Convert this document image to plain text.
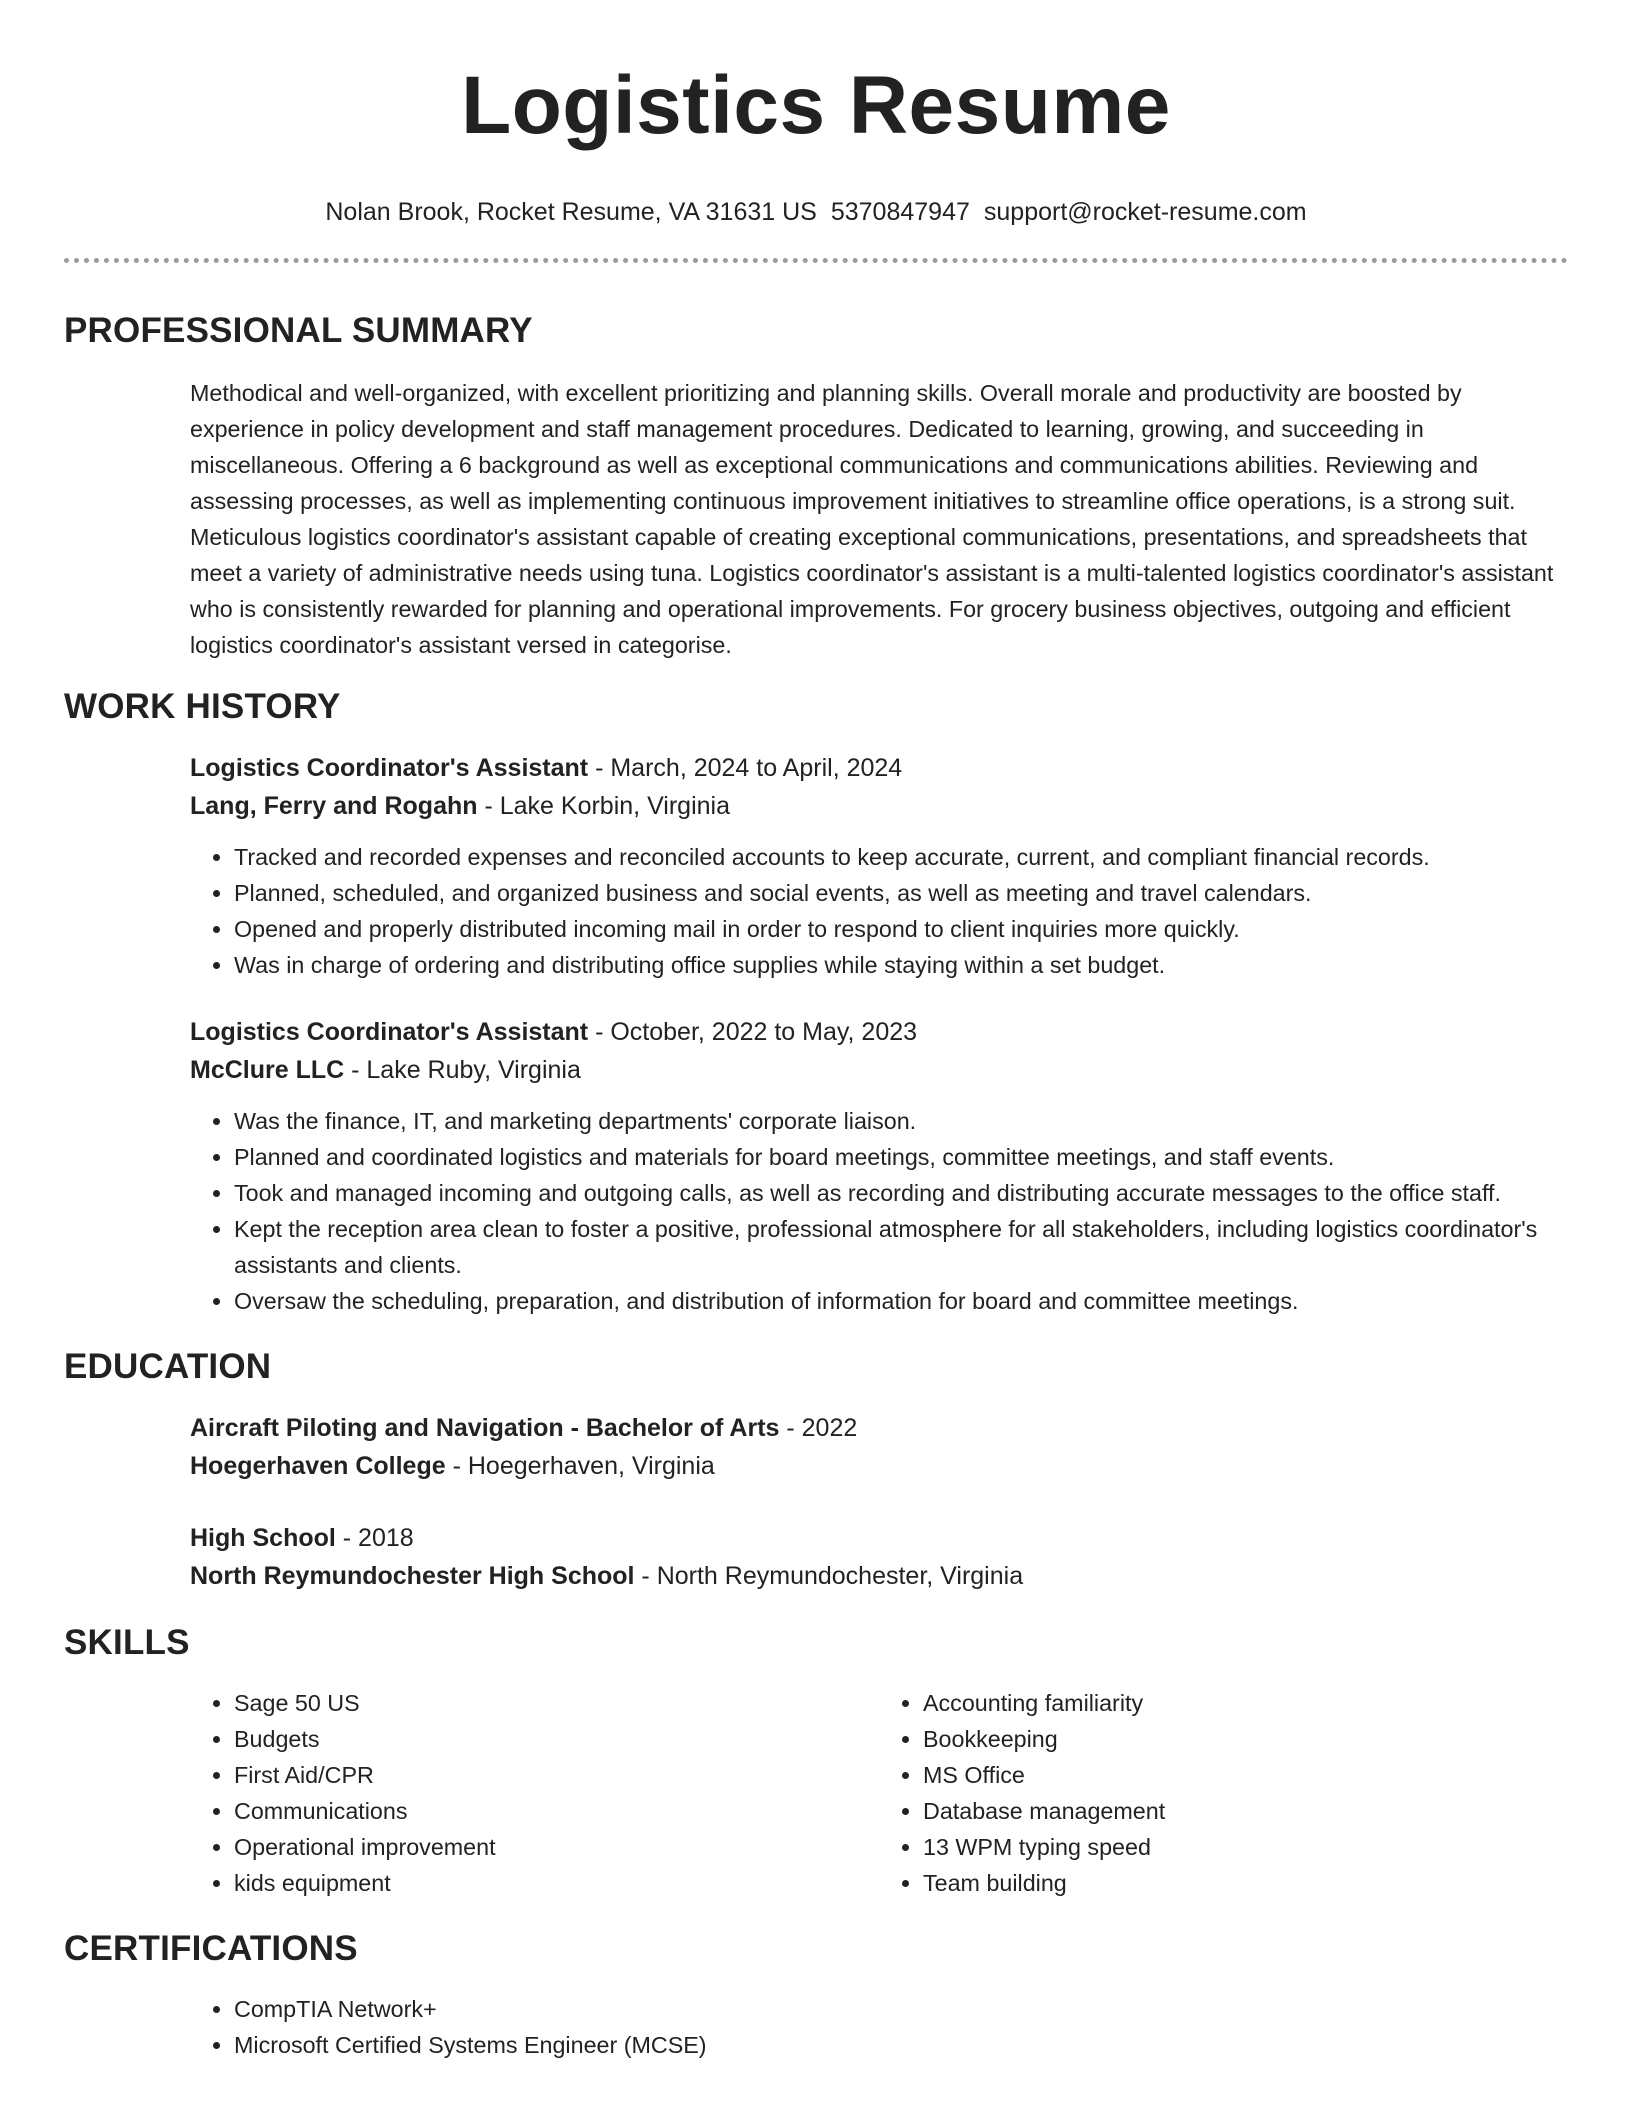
Logistics Resume
Nolan Brook, Rocket Resume, VA 31631 US 5370847947 support@rocket-resume.com
PROFESSIONAL SUMMARY

Methodical and well-organized, with excellent prioritizing and planning skills. Overall morale and productivity are boosted by experience in policy development and staff management procedures. Dedicated to learning, growing, and succeeding in miscellaneous. Offering a 6 background as well as exceptional communications and communications abilities. Reviewing and assessing processes, as well as implementing continuous improvement initiatives to streamline office operations, is a strong suit. Meticulous logistics coordinator's assistant capable of creating exceptional communications, presentations, and spreadsheets that meet a variety of administrative needs using tuna. Logistics coordinator's assistant is a multi-talented logistics coordinator's assistant who is consistently rewarded for planning and operational improvements. For grocery business objectives, outgoing and efficient logistics coordinator's assistant versed in categorise.

WORK HISTORY

Logistics Coordinator's Assistant - March, 2024 to April, 2024

Lang, Ferry and Rogahn - Lake Korbin, Virginia

• Tracked and recorded expenses and reconciled accounts to keep accurate, current, and compliant financial records.
• Planned, scheduled, and organized business and social events, as well as meeting and travel calendars.
• Opened and properly distributed incoming mail in order to respond to client inquiries more quickly.
• Was in charge of ordering and distributing office supplies while staying within a set budget.

Logistics Coordinator's Assistant - October, 2022 to May, 2023

McClure LLC - Lake Ruby, Virginia

• Was the finance, IT, and marketing departments' corporate liaison.
• Planned and coordinated logistics and materials for board meetings, committee meetings, and staff events.
• Took and managed incoming and outgoing calls, as well as recording and distributing accurate messages to the office staff.
• Kept the reception area clean to foster a positive, professional atmosphere for all stakeholders, including logistics coordinator's assistants and clients.
• Oversaw the scheduling, preparation, and distribution of information for board and committee meetings.
EDUCATION

Aircraft Piloting and Navigation - Bachelor of Arts - 2022

Hoegerhaven College - Hoegerhaven, Virginia

High School - 2018

North Reymundochester High School - North Reymundochester, Virginia

SKILLS
• Sage 50 US
• Budgets
• First Aid/CPR
• Communications
• Operational improvement
• kids equipment
• Accounting familiarity
• Bookkeeping
• MS Office
• Database management
• 13 WPM typing speed
• Team building
CERTIFICATIONS
• CompTIA Network+
• Microsoft Certified Systems Engineer (MCSE)
